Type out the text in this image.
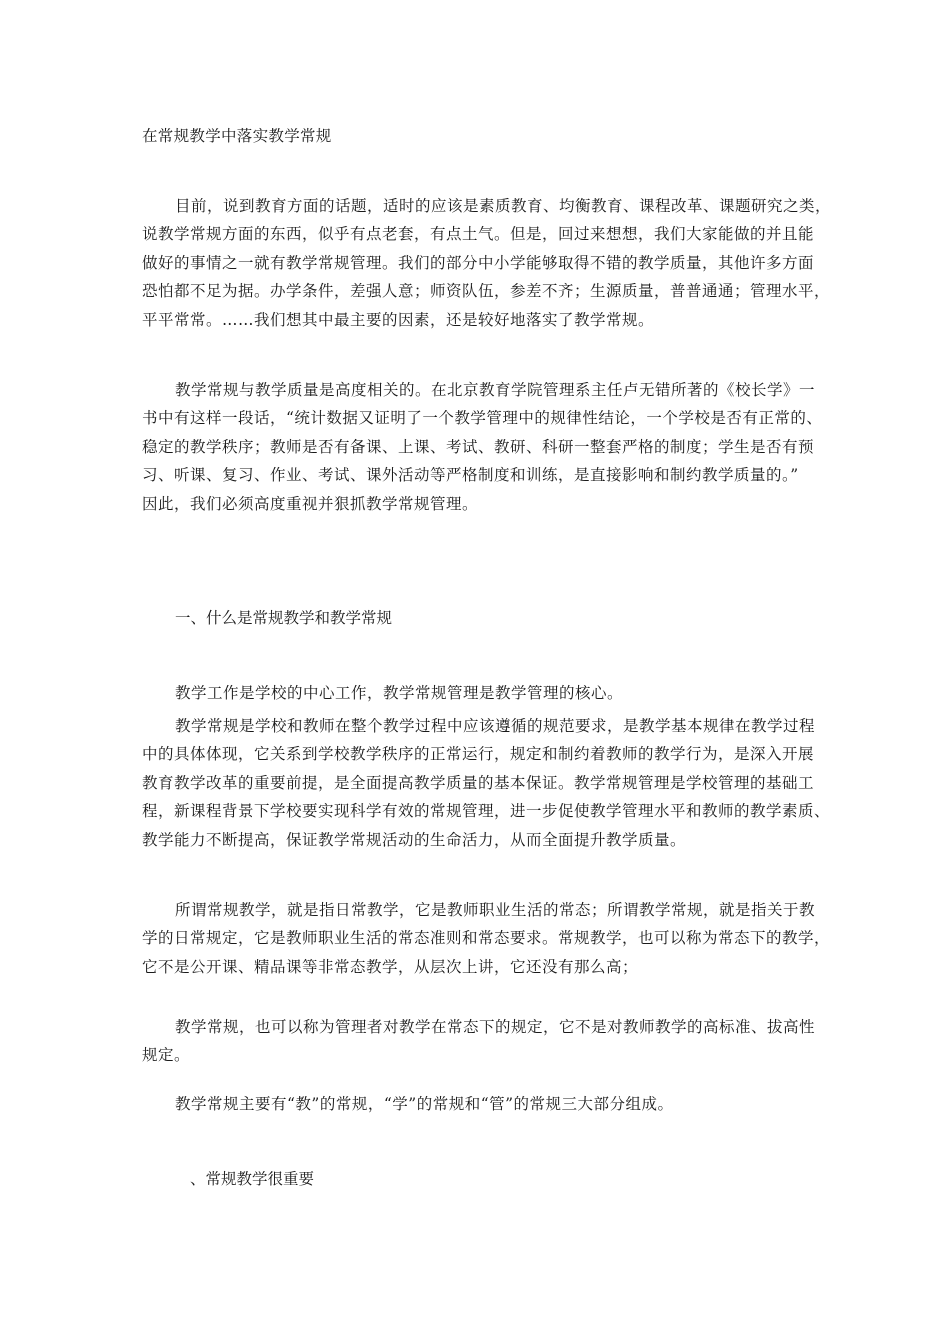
在常规教学中落实教学常规
目前，说到教育方面的话题，适时的应该是素质教育、均衡教育、课程改革、课题研究之类，
说教学常规方面的东西，似乎有点老套，有点土气。但是，回过来想想，我们大家能做的并且能
做好的事情之一就有教学常规管理。我们的部分中小学能够取得不错的教学质量，其他许多方面
恐怕都不足为据。办学条件，差强人意；师资队伍，参差不齐；生源质量，普普通通；管理水平，
平平常常。……我们想其中最主要的因素，还是较好地落实了教学常规。
教学常规与教学质量是高度相关的。在北京教育学院管理系主任卢无错所著的《校长学》一
书中有这样一段话，“统计数据又证明了一个教学管理中的规律性结论，一个学校是否有正常的、
稳定的教学秩序；教师是否有备课、上课、考试、教研、科研一整套严格的制度；学生是否有预
习、听课、复习、作业、考试、课外活动等严格制度和训练，是直接影响和制约教学质量的。”
因此，我们必须高度重视并狠抓教学常规管理。
一、什么是常规教学和教学常规
教学工作是学校的中心工作，教学常规管理是教学管理的核心。
教学常规是学校和教师在整个教学过程中应该遵循的规范要求，是教学基本规律在教学过程
中的具体体现，它关系到学校教学秩序的正常运行，规定和制约着教师的教学行为，是深入开展
教育教学改革的重要前提，是全面提高教学质量的基本保证。教学常规管理是学校管理的基础工
程，新课程背景下学校要实现科学有效的常规管理，进一步促使教学管理水平和教师的教学素质、
教学能力不断提高，保证教学常规活动的生命活力，从而全面提升教学质量。
所谓常规教学，就是指日常教学，它是教师职业生活的常态；所谓教学常规，就是指关于教
学的日常规定，它是教师职业生活的常态准则和常态要求。常规教学，也可以称为常态下的教学，
它不是公开课、精品课等非常态教学，从层次上讲，它还没有那么高；
教学常规，也可以称为管理者对教学在常态下的规定，它不是对教师教学的高标准、拔高性
规定。
教学常规主要有“教”的常规，“学”的常规和“管”的常规三大部分组成。
、常规教学很重要
